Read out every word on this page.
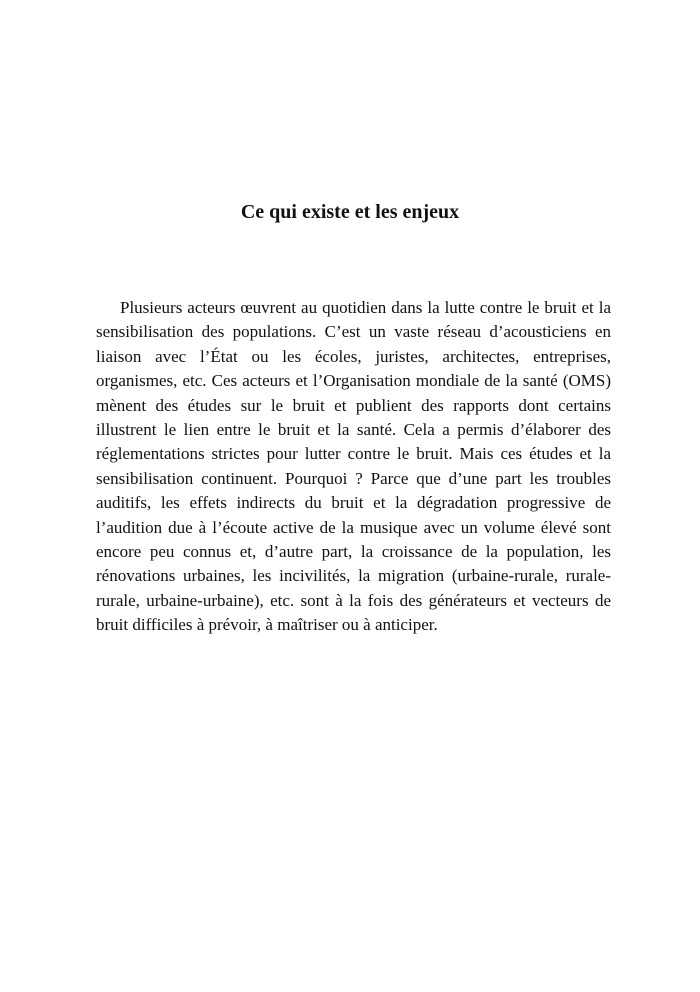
Ce qui existe et les enjeux

Plusieurs acteurs œuvrent au quotidien dans la lutte contre le bruit et la sensibilisation des populations. C’est un vaste réseau d’acousticiens en liaison avec l’État ou les écoles, juristes, architectes, entreprises, organismes, etc. Ces acteurs et l’Organisation mondiale de la santé (OMS) mènent des études sur le bruit et publient des rapports dont certains illustrent le lien entre le bruit et la santé. Cela a permis d’élaborer des réglementations strictes pour lutter contre le bruit. Mais ces études et la sensibilisation continuent. Pourquoi ? Parce que d’une part les troubles auditifs, les effets indirects du bruit et la dégradation progressive de l’audition due à l’écoute active de la musique avec un volume élevé sont encore peu connus et, d’autre part, la croissance de la population, les rénovations urbaines, les incivilités, la migration (urbaine-rurale, rurale-rurale, urbaine-urbaine), etc. sont à la fois des générateurs et vecteurs de bruit difficiles à prévoir, à maîtriser ou à anticiper.
